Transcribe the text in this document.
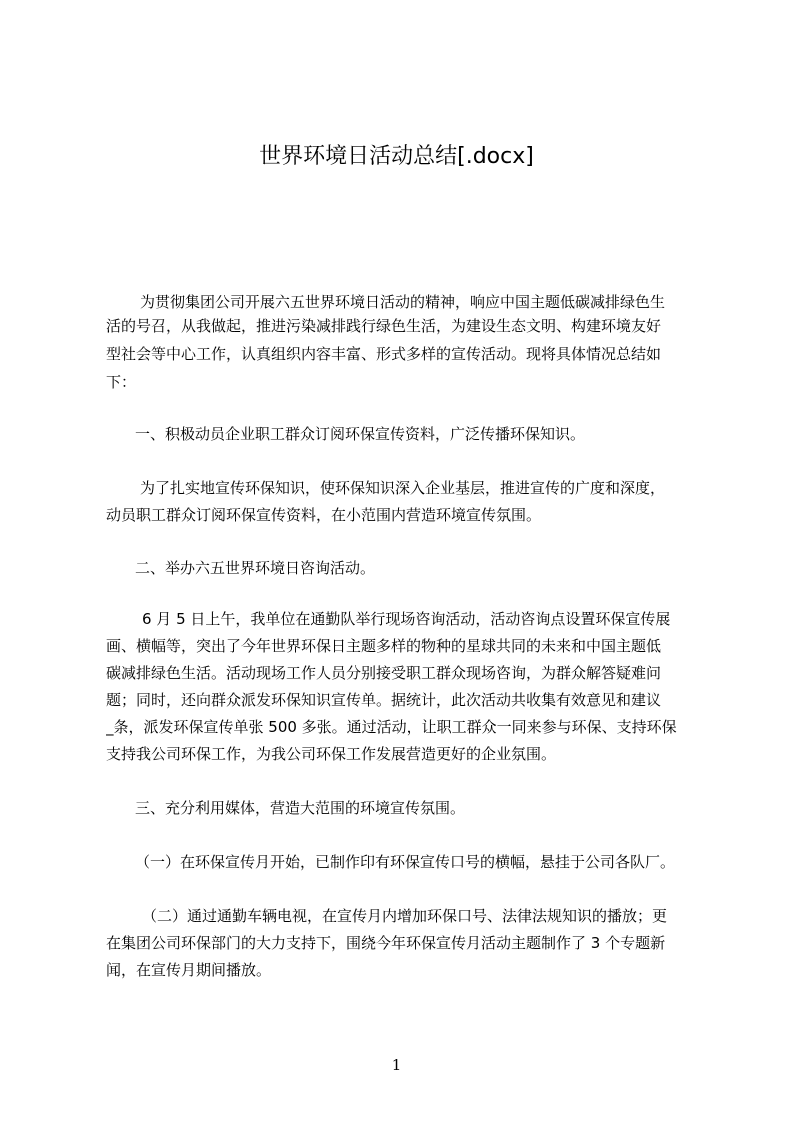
世界环境日活动总结[.docx]
为贯彻集团公司开展六五世界环境日活动的精神，响应中国主题低碳减排绿色生
活的号召，从我做起，推进污染减排践行绿色生活，为建设生态文明、构建环境友好
型社会等中心工作，认真组织内容丰富、形式多样的宣传活动。现将具体情况总结如
下：
一、积极动员企业职工群众订阅环保宣传资料，广泛传播环保知识。
为了扎实地宣传环保知识，使环保知识深入企业基层，推进宣传的广度和深度，
动员职工群众订阅环保宣传资料，在小范围内营造环境宣传氛围。
二、举办六五世界环境日咨询活动。
6 月 5 日上午，我单位在通勤队举行现场咨询活动，活动咨询点设置环保宣传展
画、横幅等，突出了今年世界环保日主题多样的物种的星球共同的未来和中国主题低
碳减排绿色生活。活动现场工作人员分别接受职工群众现场咨询，为群众解答疑难问
题；同时，还向群众派发环保知识宣传单。据统计，此次活动共收集有效意见和建议
_条，派发环保宣传单张 500 多张。通过活动，让职工群众一同来参与环保、支持环保
支持我公司环保工作，为我公司环保工作发展营造更好的企业氛围。
三、充分利用媒体，营造大范围的环境宣传氛围。
（一）在环保宣传月开始，已制作印有环保宣传口号的横幅，悬挂于公司各队厂。
（二）通过通勤车辆电视，在宣传月内增加环保口号、法律法规知识的播放；更
在集团公司环保部门的大力支持下，围绕今年环保宣传月活动主题制作了 3 个专题新
闻，在宣传月期间播放。
1
